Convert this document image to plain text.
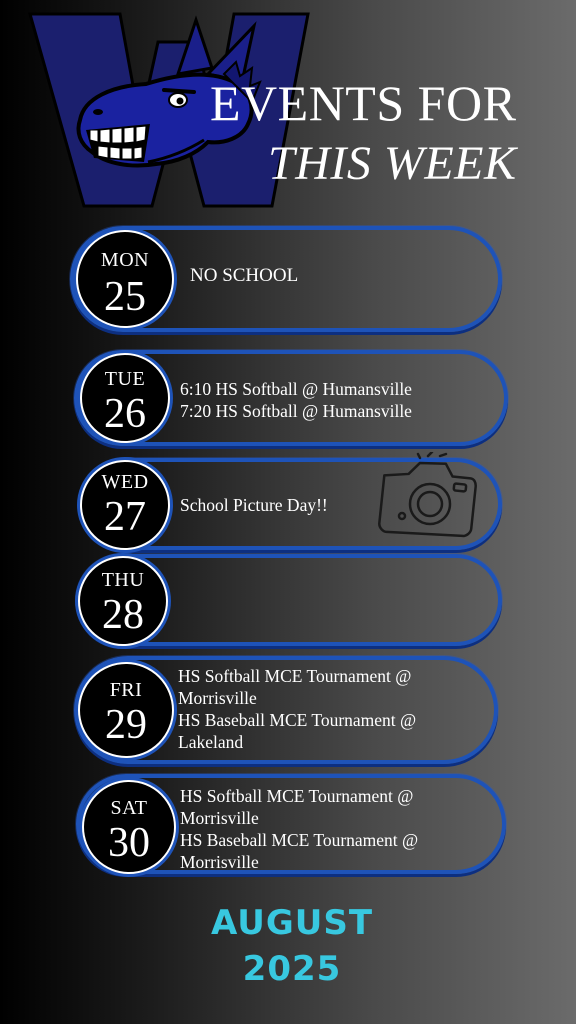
EVENTS FOR
THIS WEEK
MON
25	NO SCHOOL
TUE
26
6:10 HS Softball @ Humansville
7:20 HS Softball @ Humansville
WED
27	School Picture Day!!
THU
28
FRI
29
HS Softball MCE Tournament @
Morrisville
HS Baseball MCE Tournament @
Lakeland
SAT
30
HS Softball MCE Tournament @
Morrisville
HS Baseball MCE Tournament @
Morrisville
AUGUST
2025
